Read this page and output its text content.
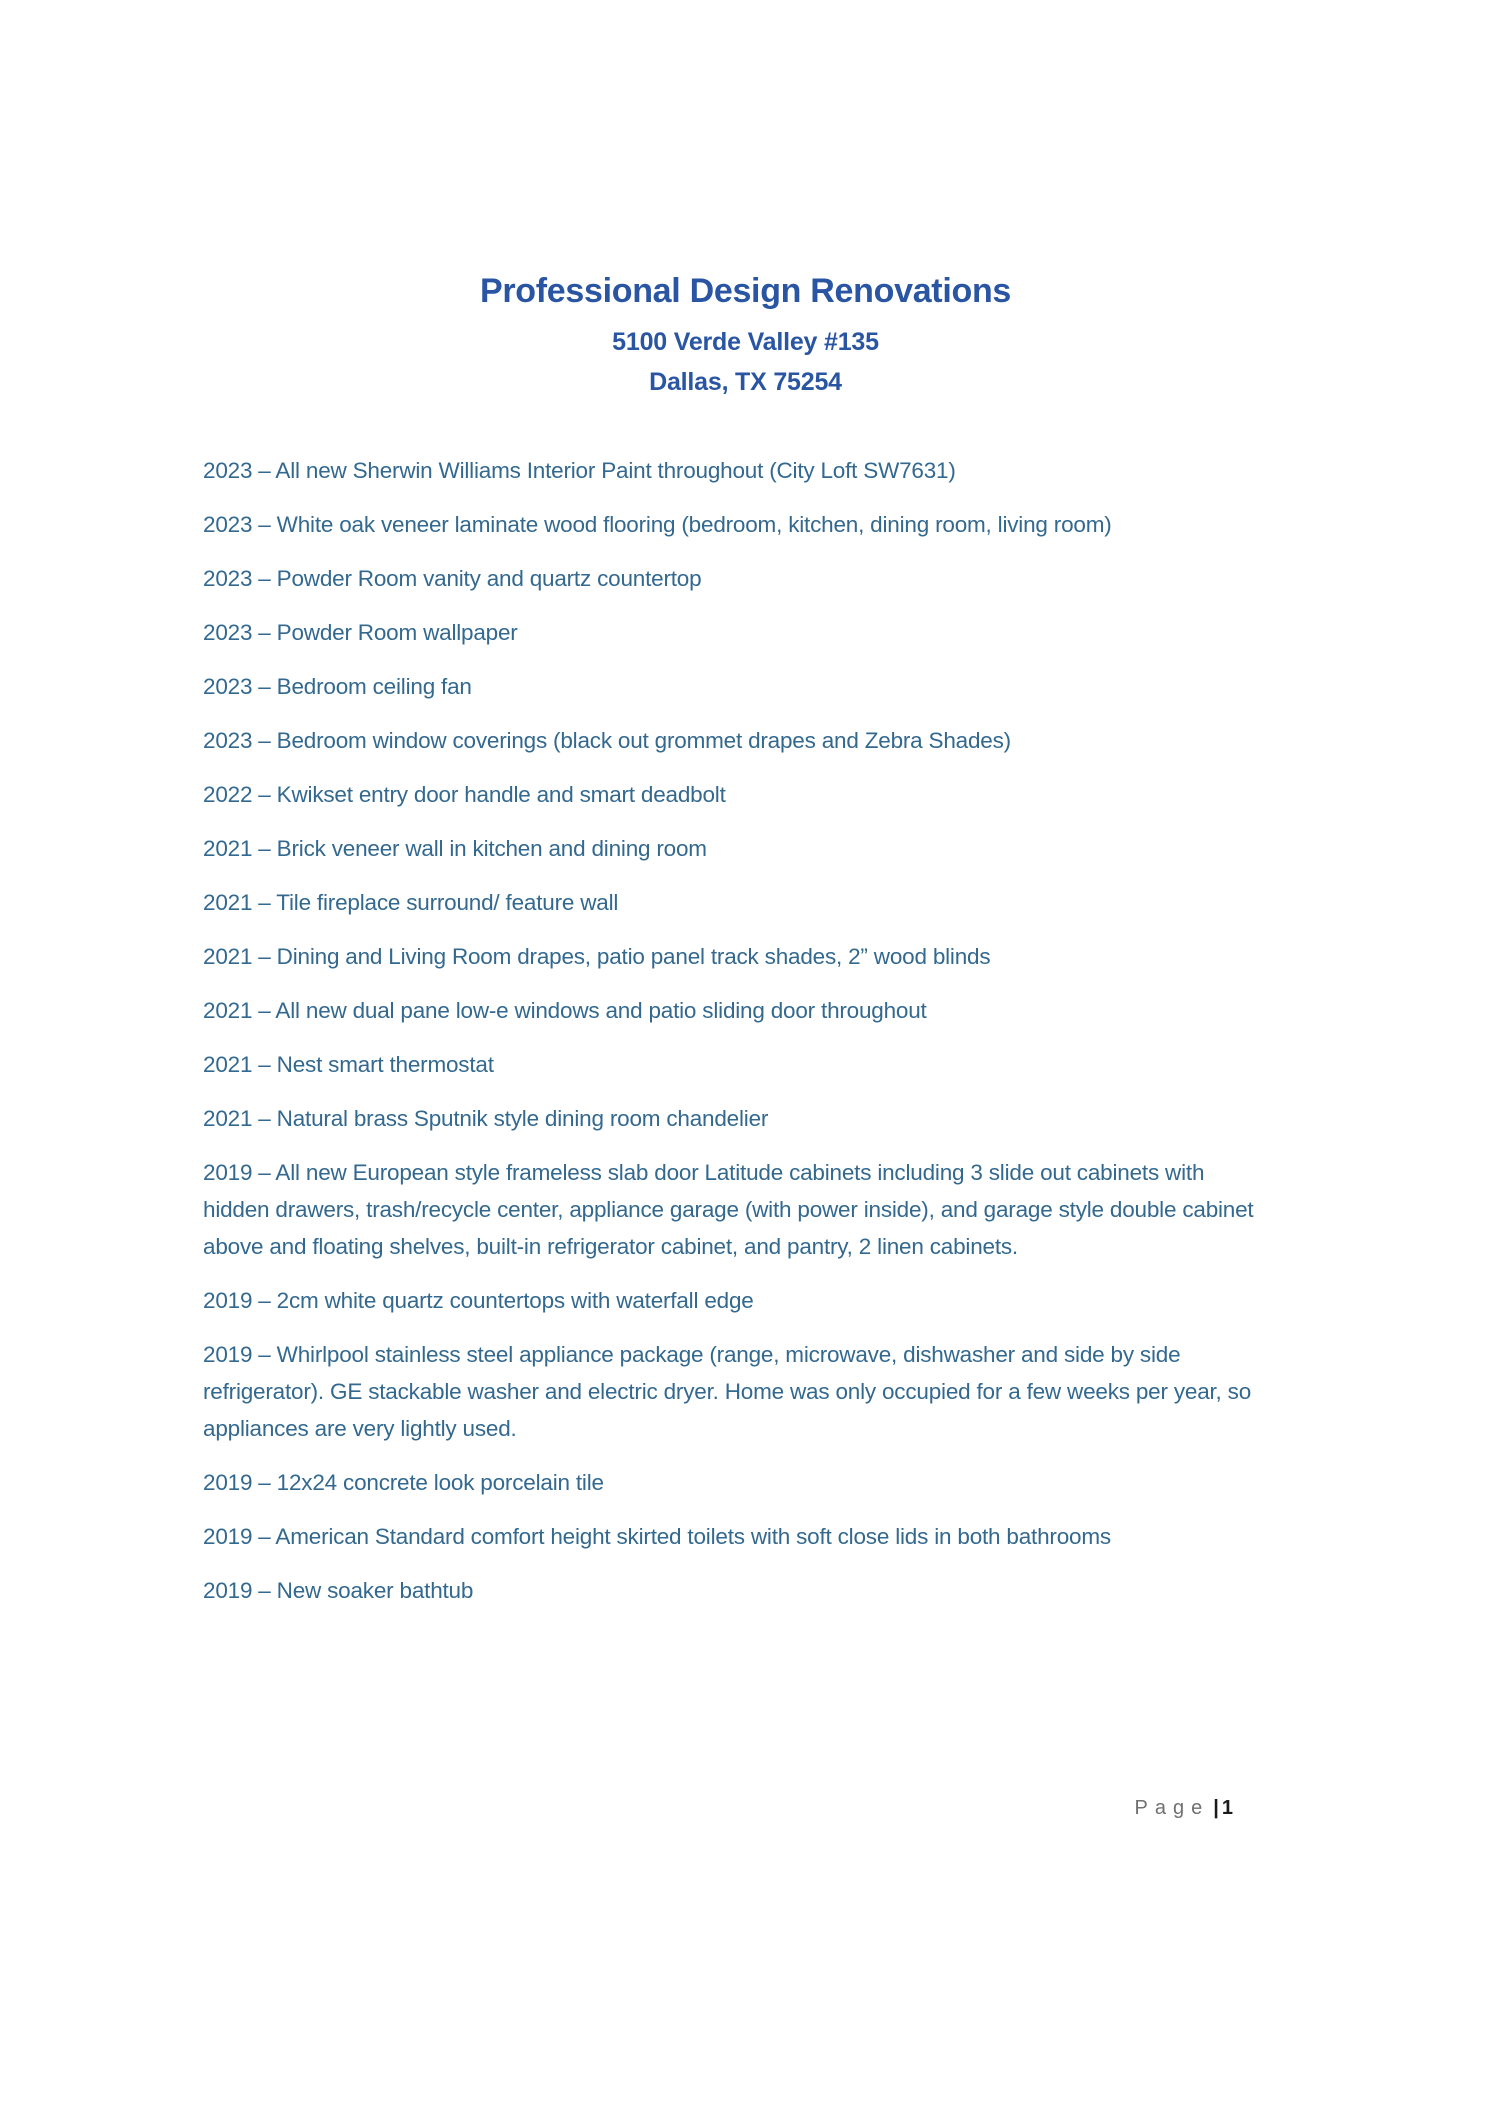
Professional Design Renovations
5100 Verde Valley #135
Dallas, TX 75254

2023 – All new Sherwin Williams Interior Paint throughout (City Loft SW7631)

2023 – White oak veneer laminate wood flooring (bedroom, kitchen, dining room, living room)

2023 – Powder Room vanity and quartz countertop

2023 – Powder Room wallpaper

2023 – Bedroom ceiling fan

2023 – Bedroom window coverings (black out grommet drapes and Zebra Shades)

2022 – Kwikset entry door handle and smart deadbolt

2021 – Brick veneer wall in kitchen and dining room

2021 – Tile fireplace surround/ feature wall

2021 – Dining and Living Room drapes, patio panel track shades, 2” wood blinds

2021 – All new dual pane low-e windows and patio sliding door throughout

2021 – Nest smart thermostat

2021 – Natural brass Sputnik style dining room chandelier

2019 – All new European style frameless slab door Latitude cabinets including 3 slide out cabinets with hidden drawers, trash/recycle center, appliance garage (with power inside), and garage style double cabinet above and floating shelves, built-in refrigerator cabinet, and pantry, 2 linen cabinets.

2019 – 2cm white quartz countertops with waterfall edge

2019 – Whirlpool stainless steel appliance package (range, microwave, dishwasher and side by side refrigerator). GE stackable washer and electric dryer. Home was only occupied for a few weeks per year, so appliances are very lightly used.

2019 – 12x24 concrete look porcelain tile

2019 – American Standard comfort height skirted toilets with soft close lids in both bathrooms

2019 – New soaker bathtub

Page | 1
